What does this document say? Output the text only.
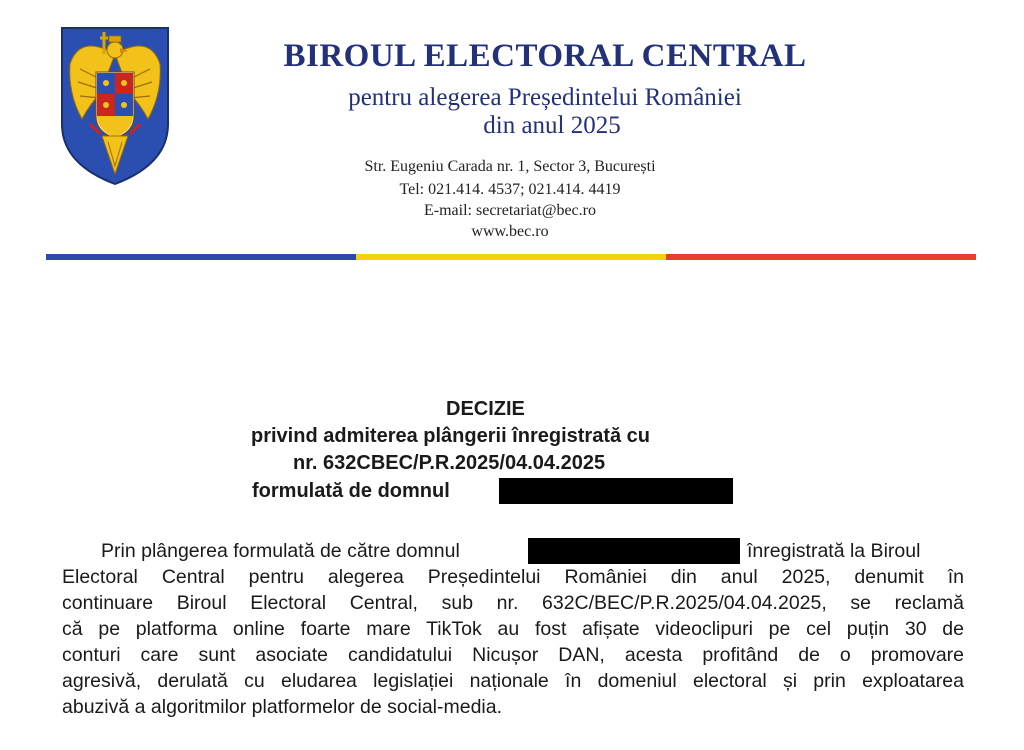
BIROUL ELECTORAL CENTRAL
pentru alegerea Președintelui României
din anul 2025
Str. Eugeniu Carada nr. 1, Sector 3, București
Tel: 021.414. 4537; 021.414. 4419
E-mail: secretariat@bec.ro
www.bec.ro
DECIZIE
privind admiterea plângerii înregistrată cu
nr. 632CBEC/P.R.2025/04.04.2025
formulată de domnul
Prin plângerea formulată de către domnul	înregistrată la Biroul
Electoral Central pentru alegerea Președintelui României din anul 2025, denumit în
continuare Biroul Electoral Central, sub nr. 632C/BEC/P.R.2025/04.04.2025, se reclamă
că pe platforma online foarte mare TikTok au fost afișate videoclipuri pe cel puțin 30 de
conturi care sunt asociate candidatului Nicușor DAN, acesta profitând de o promovare
agresivă, derulată cu eludarea legislației naționale în domeniul electoral și prin exploatarea
abuzivă a algoritmilor platformelor de social-media.
